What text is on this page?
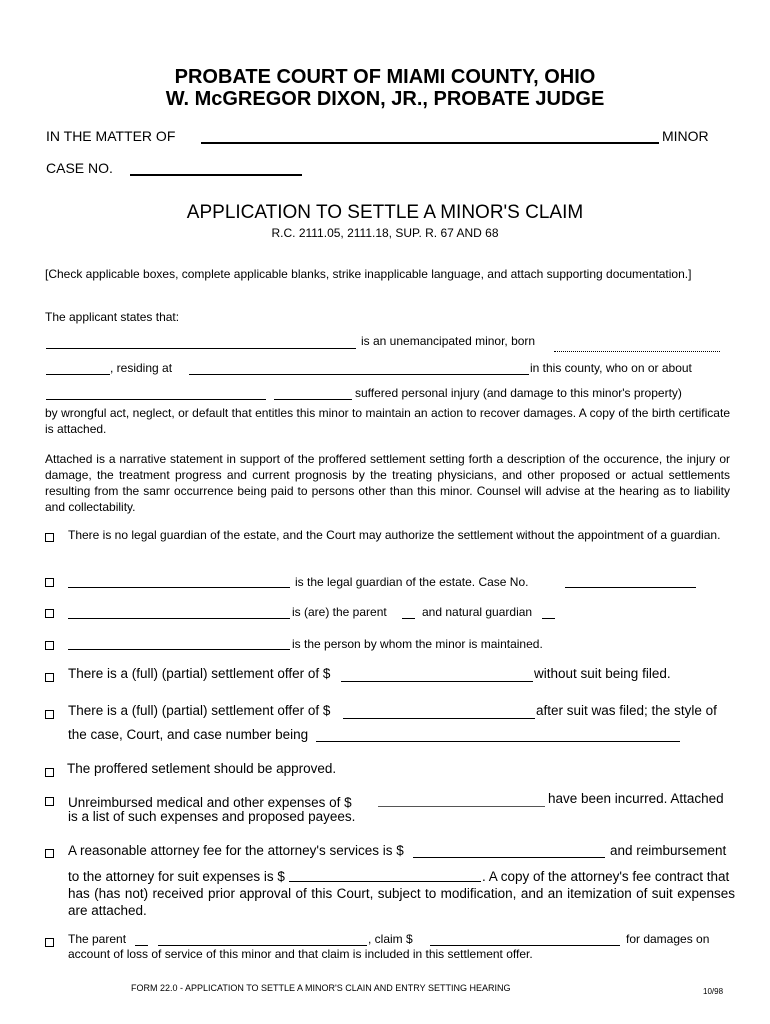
PROBATE COURT OF MIAMI COUNTY, OHIO
W. McGREGOR DIXON, JR., PROBATE JUDGE
IN THE MATTER OF	MINOR
CASE NO.
APPLICATION TO SETTLE A MINOR'S CLAIM
R.C. 2111.05, 2111.18, SUP. R. 67 AND 68
[Check applicable boxes, complete applicable blanks, strike inapplicable language, and attach supporting documentation.]
The applicant states that:
is an unemancipated minor, born
, residing at	in this county, who on or about
suffered personal injury (and damage to this minor's property)
by wrongful act, neglect, or default that entitles this minor to maintain an action to recover damages. A copy of the birth certificate is attached.
Attached is a narrative statement in support of the proffered settlement setting forth a description of the occurence, the injury or damage, the treatment progress and current prognosis by the treating physicians, and other proposed or actual settlements resulting from the samr occurrence being paid to persons other than this minor. Counsel will advise at the hearing as to liability and collectability.
There is no legal guardian of the estate, and the Court may authorize the settlement without the appointment of a guardian.
is the legal guardian of the estate. Case No.
is (are) the parent	and natural guardian
is the person by whom the minor is maintained.
There is a (full) (partial) settlement offer of $	without suit being filed.
There is a (full) (partial) settlement offer of $	after suit was filed; the style of
the case, Court, and case number being
The proffered setlement should be approved.
Unreimbursed medical and other expenses of $	have been incurred. Attached
is a list of such expenses and proposed payees.
A reasonable attorney fee for the attorney's services is $	and reimbursement
to the attorney for suit expenses is $	. A copy of the attorney's fee contract that
has (has not) received prior approval of this Court, subject to modification, and an itemization of suit expenses are attached.
The parent	, claim $	for damages on
account of loss of service of this minor and that claim is included in this settlement offer.
FORM 22.0 - APPLICATION TO SETTLE A MINOR'S CLAIN AND ENTRY SETTING HEARING	10/98
